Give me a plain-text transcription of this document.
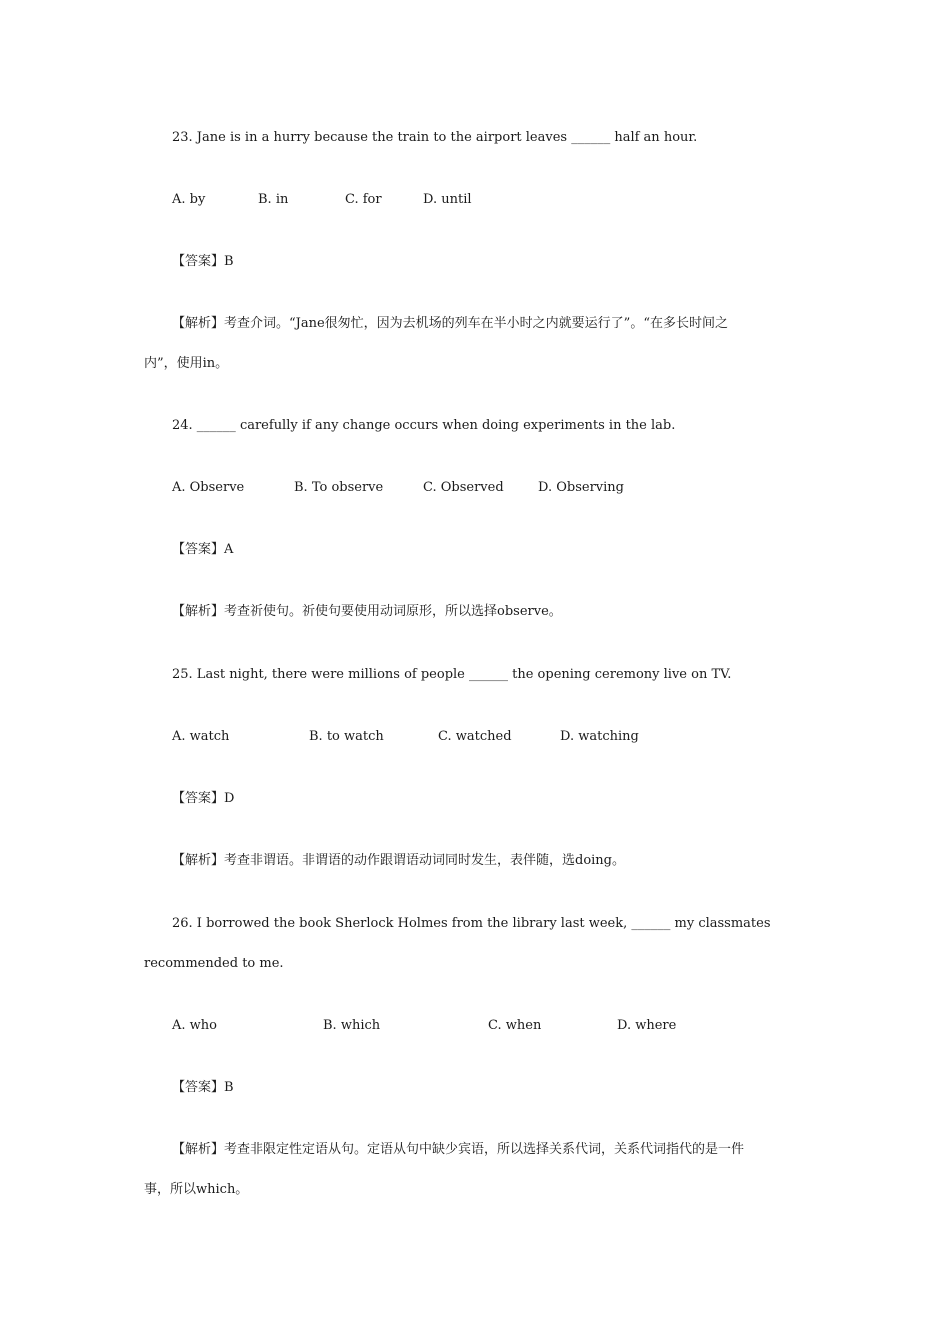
23. Jane is in a hurry because the train to the airport leaves ______ half an hour.
A. by	B. in	C. for	D. until
【答案】B
【解析】考查介词。“Jane很匆忙，因为去机场的列车在半小时之内就要运行了”。“在多长时间之
内”，使用in。
24. ______ carefully if any change occurs when doing experiments in the lab.
A. Observe	B. To observe	C. Observed	D. Observing
【答案】A
【解析】考查祈使句。祈使句要使用动词原形，所以选择observe。
25. Last night, there were millions of people ______ the opening ceremony live on TV.
A. watch	B. to watch	C. watched	D. watching
【答案】D
【解析】考查非谓语。非谓语的动作跟谓语动词同时发生，表伴随，选doing。
26. I borrowed the book Sherlock Holmes from the library last week, ______ my classmates
recommended to me.
A. who	B. which	C. when	D. where
【答案】B
【解析】考查非限定性定语从句。定语从句中缺少宾语，所以选择关系代词，关系代词指代的是一件
事，所以which。
